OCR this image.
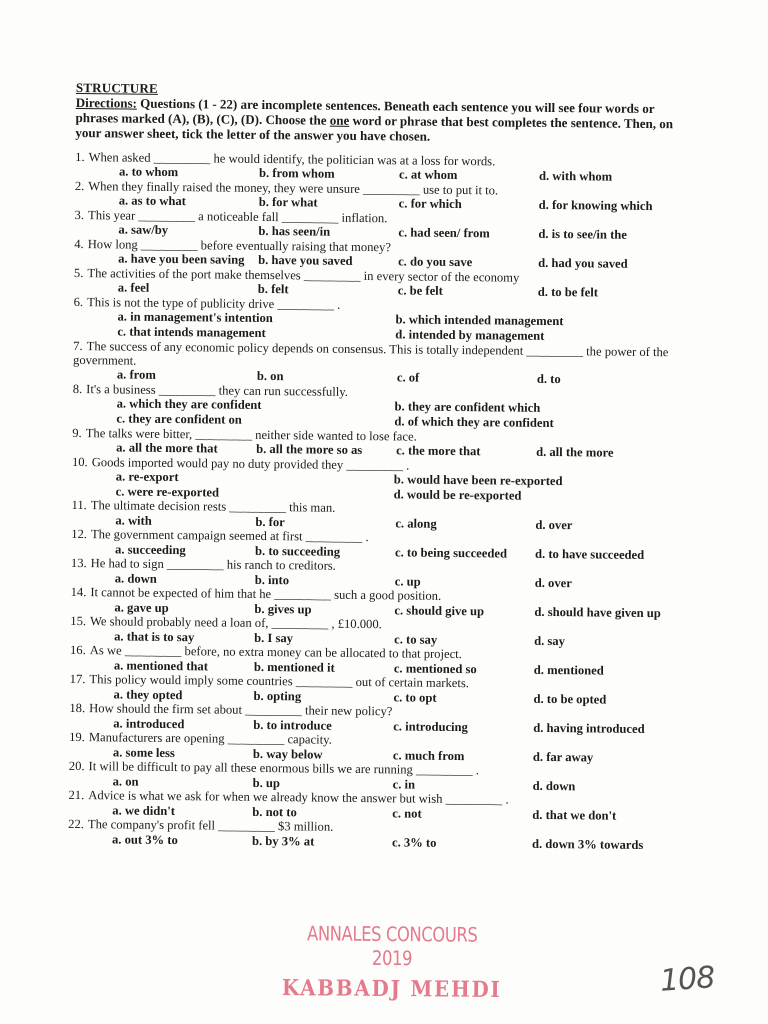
STRUCTURE
Directions: Questions (1 - 22) are incomplete sentences. Beneath each sentence you will see four words or phrases marked (A), (B), (C), (D). Choose the one word or phrase that best completes the sentence. Then, on your answer sheet, tick the letter of the answer you have chosen.
1. When asked _________ he would identify, the politician was at a loss for words.
a. to whom	b. from whom	c. at whom	d. with whom
2. When they finally raised the money, they were unsure _________ use to put it to.
a. as to what	b. for what	c. for which	d. for knowing which
3. This year _________ a noticeable fall _________ inflation.
a. saw/by	b. has seen/in	c. had seen/ from	d. is to see/in the
4. How long _________ before eventually raising that money?
a. have you been saving	b. have you saved	c. do you save	d. had you saved
5. The activities of the port make themselves _________ in every sector of the economy
a. feel	b. felt	c. be felt	d. to be felt
6. This is not the type of publicity drive _________ .
a. in management's intention	b. which intended management
c. that intends management	d. intended by management
7. The success of any economic policy depends on consensus. This is totally independent _________ the power of the government.
a. from	b. on	c. of	d. to
8. It's a business _________ they can run successfully.
a. which they are confident	b. they are confident which
c. they are confident on	d. of which they are confident
9. The talks were bitter, _________ neither side wanted to lose face.
a. all the more that	b. all the more so as	c. the more that	d. all the more
10. Goods imported would pay no duty provided they _________ .
a. re-export	b. would have been re-exported
c. were re-exported	d. would be re-exported
11. The ultimate decision rests _________ this man.
a. with	b. for	c. along	d. over
12. The government campaign seemed at first _________ .
a. succeeding	b. to succeeding	c. to being succeeded	d. to have succeeded
13. He had to sign _________ his ranch to creditors.
a. down	b. into	c. up	d. over
14. It cannot be expected of him that he _________ such a good position.
a. gave up	b. gives up	c. should give up	d. should have given up
15. We should probably need a loan of, _________ , £10.000.
a. that is to say	b. I say	c. to say	d. say
16. As we _________ before, no extra money can be allocated to that project.
a. mentioned that	b. mentioned it	c. mentioned so	d. mentioned
17. This policy would imply some countries _________ out of certain markets.
a. they opted	b. opting	c. to opt	d. to be opted
18. How should the firm set about _________ their new policy?
a. introduced	b. to introduce	c. introducing	d. having introduced
19. Manufacturers are opening _________ capacity.
a. some less	b. way below	c. much from	d. far away
20. It will be difficult to pay all these enormous bills we are running _________ .
a. on	b. up	c. in	d. down
21. Advice is what we ask for when we already know the answer but wish _________ .
a. we didn't	b. not to	c. not	d. that we don't
22. The company's profit fell _________ $3 million.
a. out 3% to	b. by 3% at	c. 3% to	d. down 3% towards
ANNALES CONCOURS 2019
KABBADJ MEHDI	108
